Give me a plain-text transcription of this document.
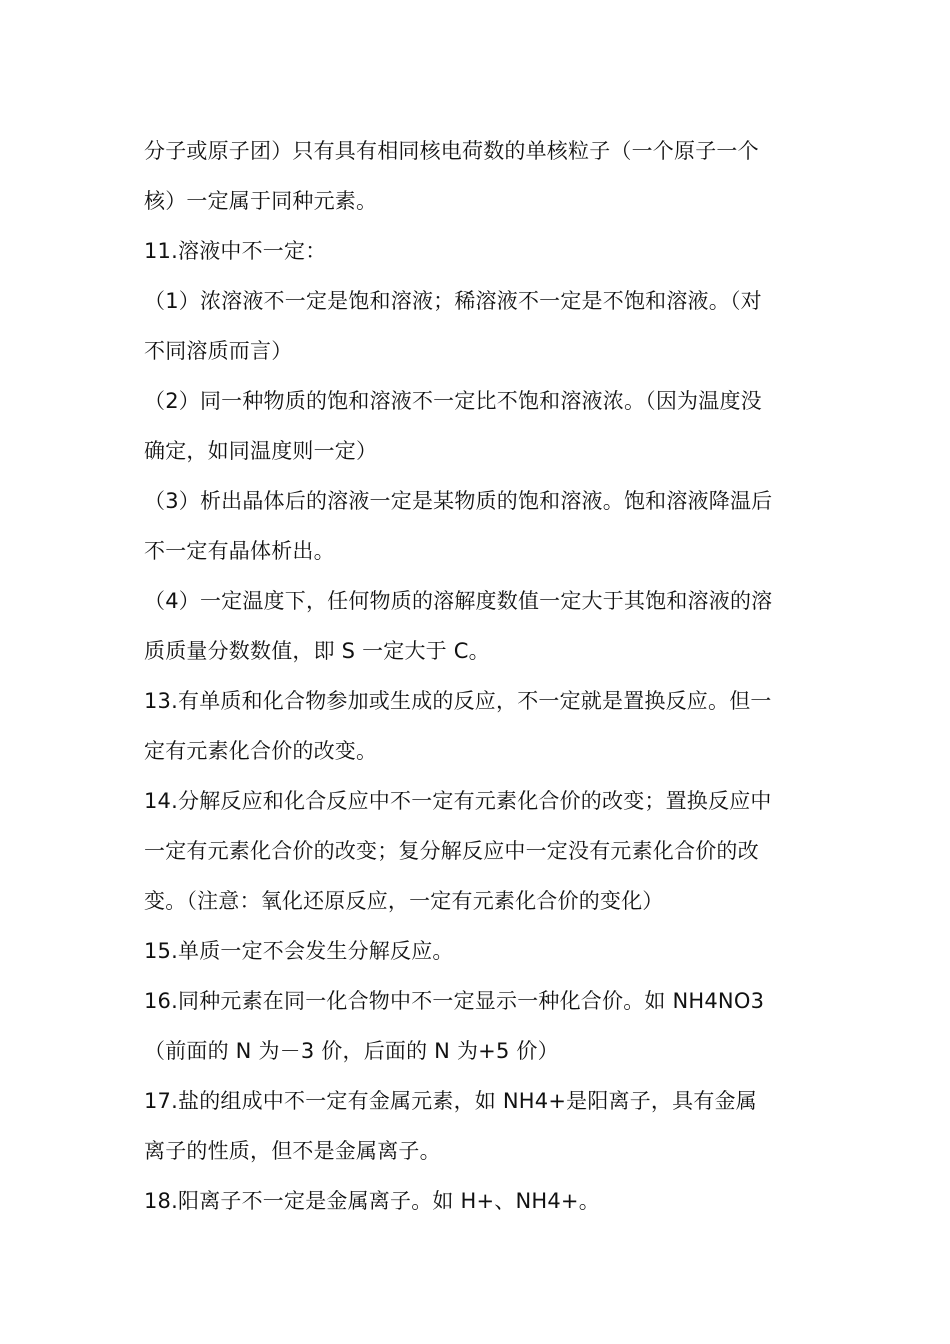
分子或原子团）只有具有相同核电荷数的单核粒子（一个原子一个
核）一定属于同种元素。
11.溶液中不一定：
（1）浓溶液不一定是饱和溶液；稀溶液不一定是不饱和溶液。（对
不同溶质而言）
（2）同一种物质的饱和溶液不一定比不饱和溶液浓。（因为温度没
确定，如同温度则一定）
（3）析出晶体后的溶液一定是某物质的饱和溶液。饱和溶液降温后
不一定有晶体析出。
（4）一定温度下，任何物质的溶解度数值一定大于其饱和溶液的溶
质质量分数数值，即 S 一定大于 C。
13.有单质和化合物参加或生成的反应，不一定就是置换反应。但一
定有元素化合价的改变。
14.分解反应和化合反应中不一定有元素化合价的改变；置换反应中
一定有元素化合价的改变；复分解反应中一定没有元素化合价的改
变。（注意：氧化还原反应，一定有元素化合价的变化）
15.单质一定不会发生分解反应。
16.同种元素在同一化合物中不一定显示一种化合价。如 NH4NO3
（前面的 N 为－3 价，后面的 N 为+5 价）
17.盐的组成中不一定有金属元素，如 NH4+是阳离子，具有金属
离子的性质，但不是金属离子。
18.阳离子不一定是金属离子。如 H+、NH4+。
